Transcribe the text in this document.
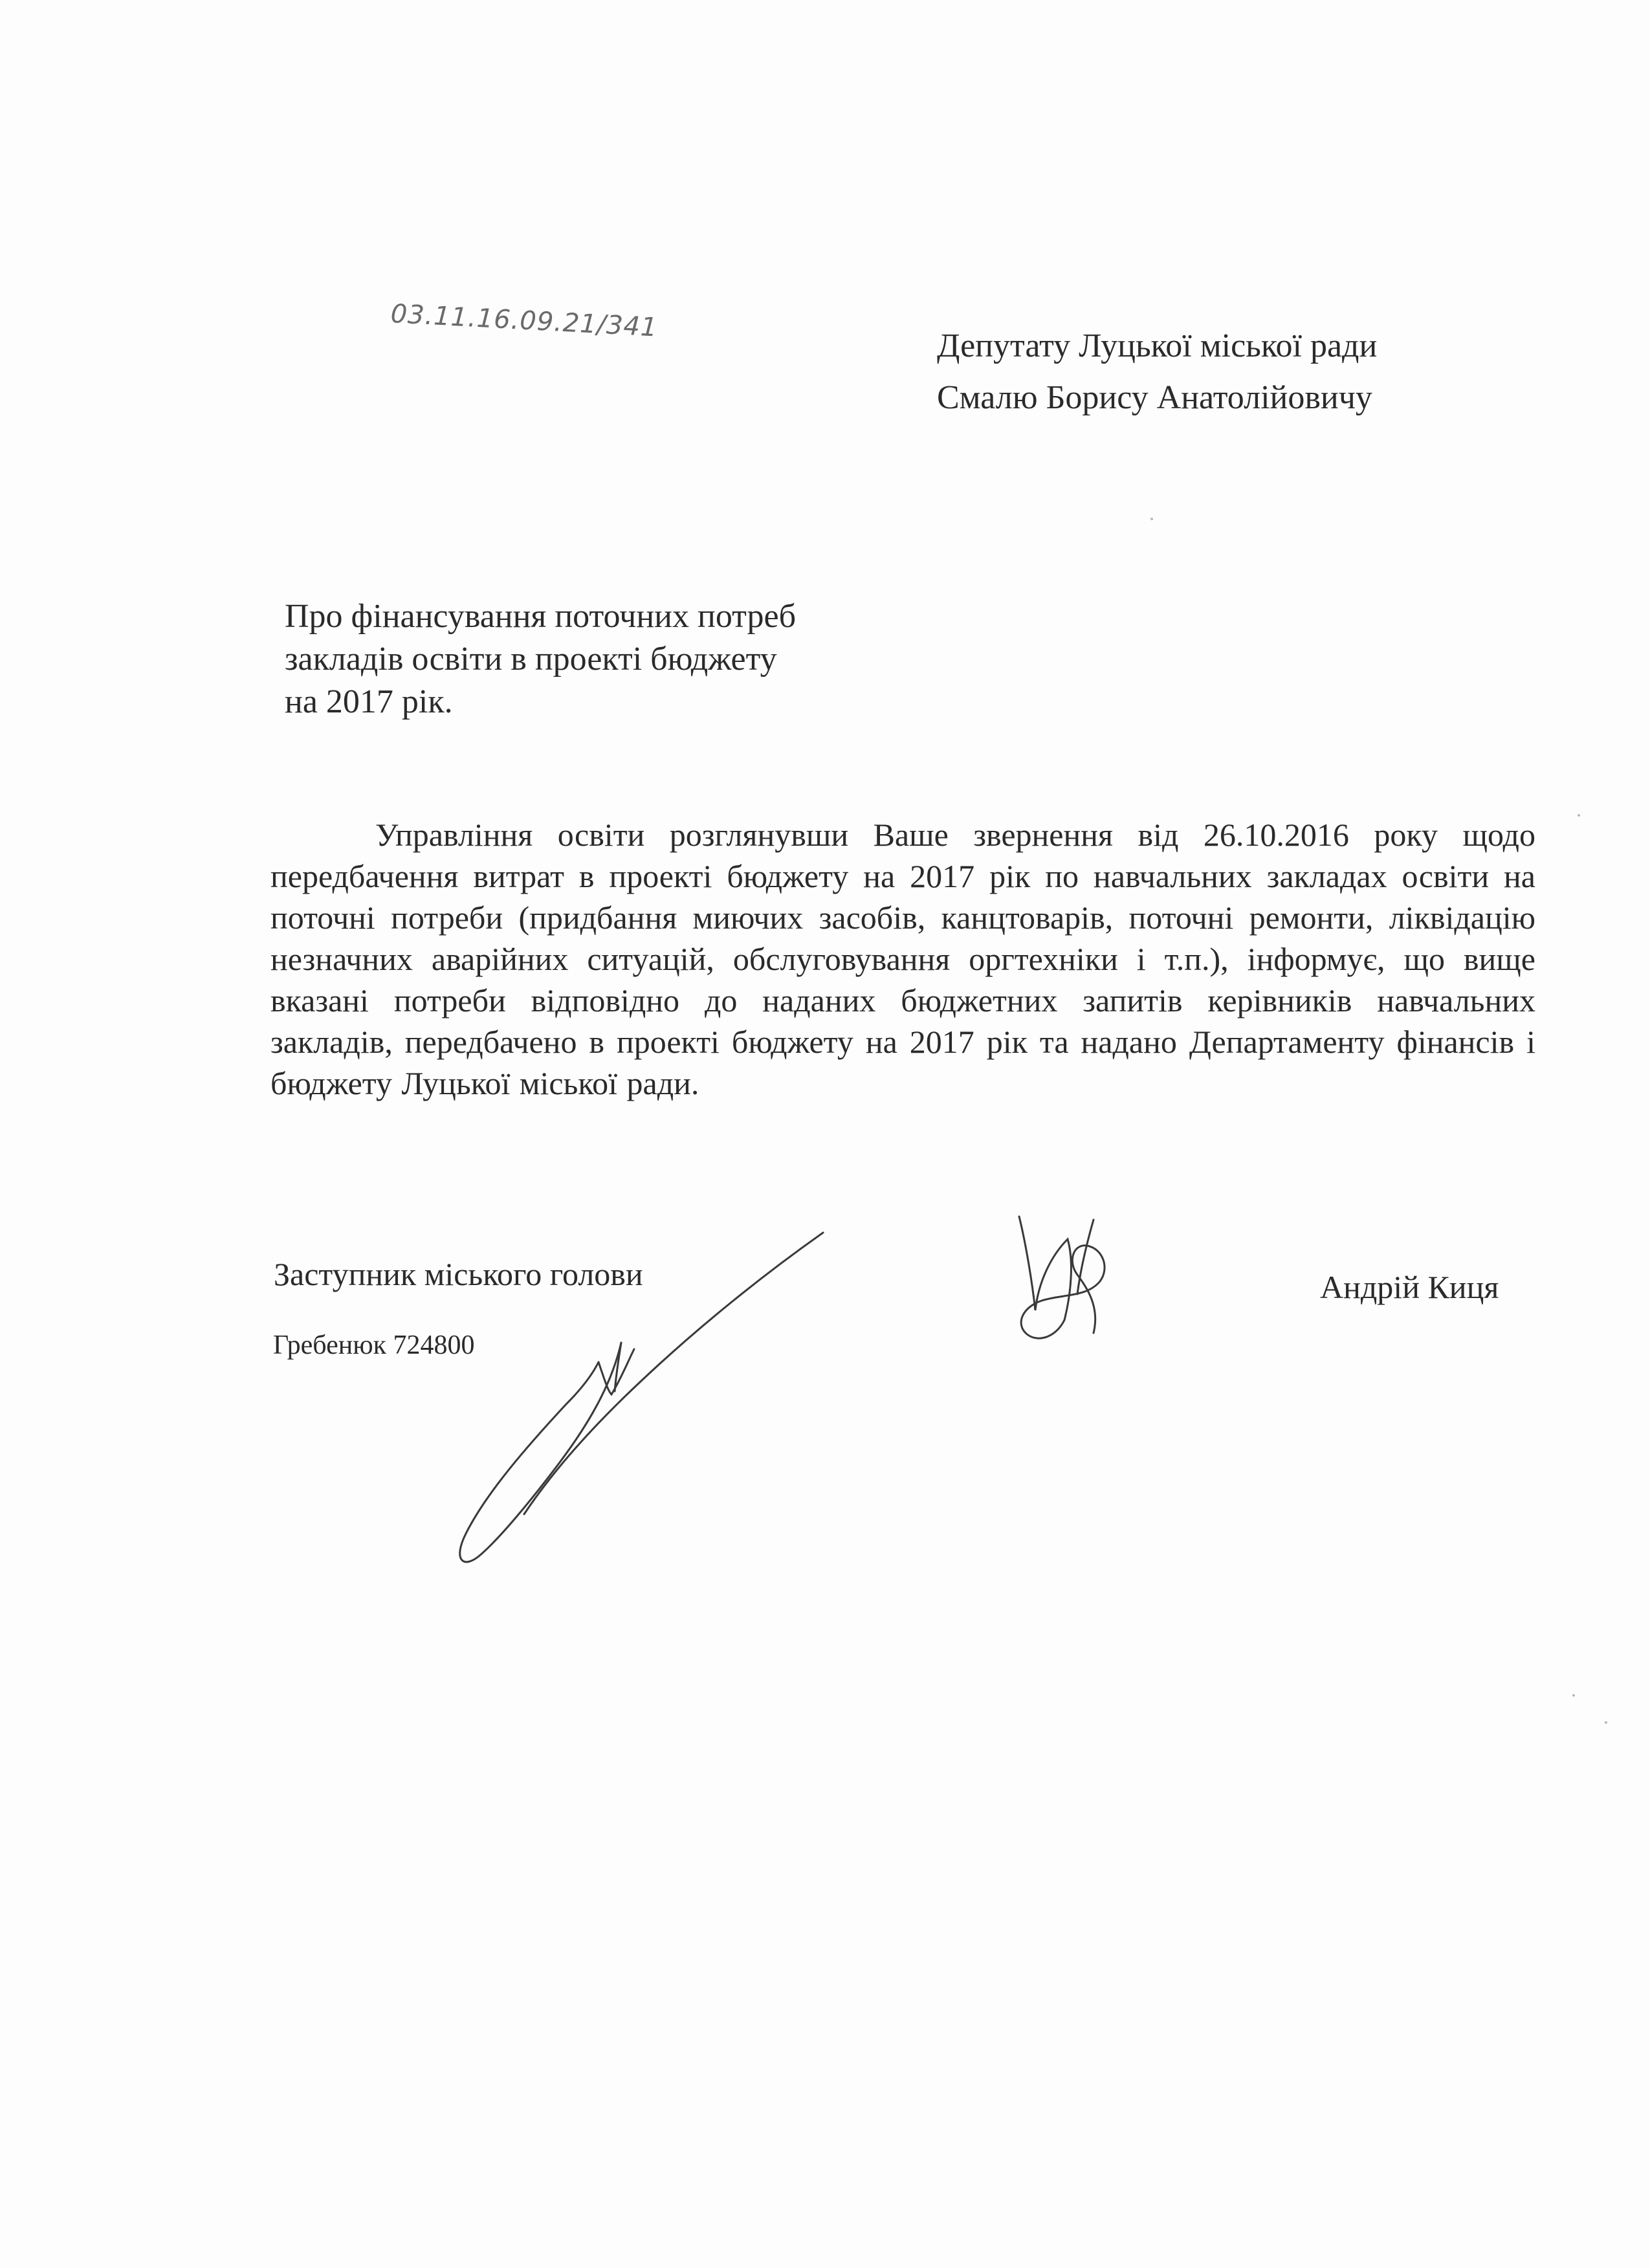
03.11.16.09.21/341
Депутату Луцької міської ради
Смалю Борису Анатолійовичу
Про фінансування поточних потреб
закладів освіти в проекті бюджету
на 2017 рік.

Управління освіти розглянувши Ваше звернення від 26.10.2016 року щодо передбачення витрат в проекті бюджету на 2017 рік по навчальних закладах освіти на поточні потреби (придбання миючих засобів, канцтоварів, поточні ремонти, ліквідацію незначних аварійних ситуацій, обслуговування оргтехніки і т.п.), інформує, що вище вказані потреби відповідно до наданих бюджетних запитів керівників навчальних закладів, передбачено в проекті бюджету на 2017 рік та надано Департаменту фінансів і бюджету Луцької міської ради.

Заступник міського голови
Гребенюк 724800
Андрій Киця
